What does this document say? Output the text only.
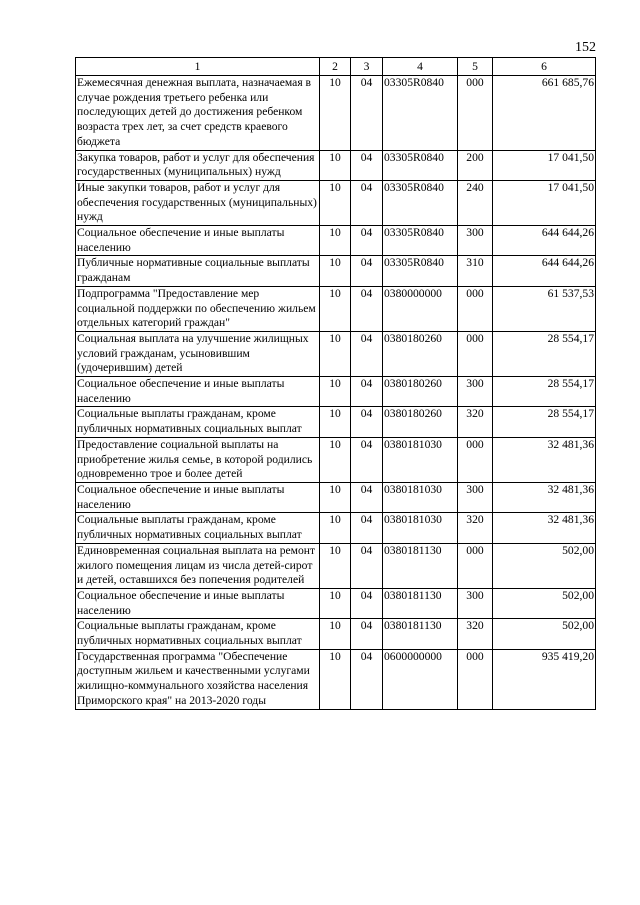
152
1	2	3	4	5	6
Ежемесячная денежная выплата, назначаемая в случае рождения третьего ребенка или последующих детей до достижения ребенком возраста трех лет, за счет средств краевого бюджета	10	04	03305R0840	000	661 685,76
Закупка товаров, работ и услуг для обеспечения государственных (муниципальных) нужд	10	04	03305R0840	200	17 041,50
Иные закупки товаров, работ и услуг для обеспечения государственных (муниципальных) нужд	10	04	03305R0840	240	17 041,50
Социальное обеспечение и иные выплаты населению	10	04	03305R0840	300	644 644,26
Публичные нормативные социальные выплаты гражданам	10	04	03305R0840	310	644 644,26
Подпрограмма "Предоставление мер социальной поддержки по обеспечению жильем отдельных категорий граждан"	10	04	0380000000	000	61 537,53
Социальная выплата на улучшение жилищных условий гражданам, усыновившим (удочерившим) детей	10	04	0380180260	000	28 554,17
Социальное обеспечение и иные выплаты населению	10	04	0380180260	300	28 554,17
Социальные выплаты гражданам, кроме публичных нормативных социальных выплат	10	04	0380180260	320	28 554,17
Предоставление социальной выплаты на приобретение жилья семье, в которой родились одновременно трое и более детей	10	04	0380181030	000	32 481,36
Социальное обеспечение и иные выплаты населению	10	04	0380181030	300	32 481,36
Социальные выплаты гражданам, кроме публичных нормативных социальных выплат	10	04	0380181030	320	32 481,36
Единовременная социальная выплата на ремонт жилого помещения лицам из числа детей-сирот и детей, оставшихся без попечения родителей	10	04	0380181130	000	502,00
Социальное обеспечение и иные выплаты населению	10	04	0380181130	300	502,00
Социальные выплаты гражданам, кроме публичных нормативных социальных выплат	10	04	0380181130	320	502,00
Государственная программа "Обеспечение доступным жильем и качественными услугами жилищно-коммунального хозяйства населения Приморского края" на 2013-2020 годы	10	04	0600000000	000	935 419,20
